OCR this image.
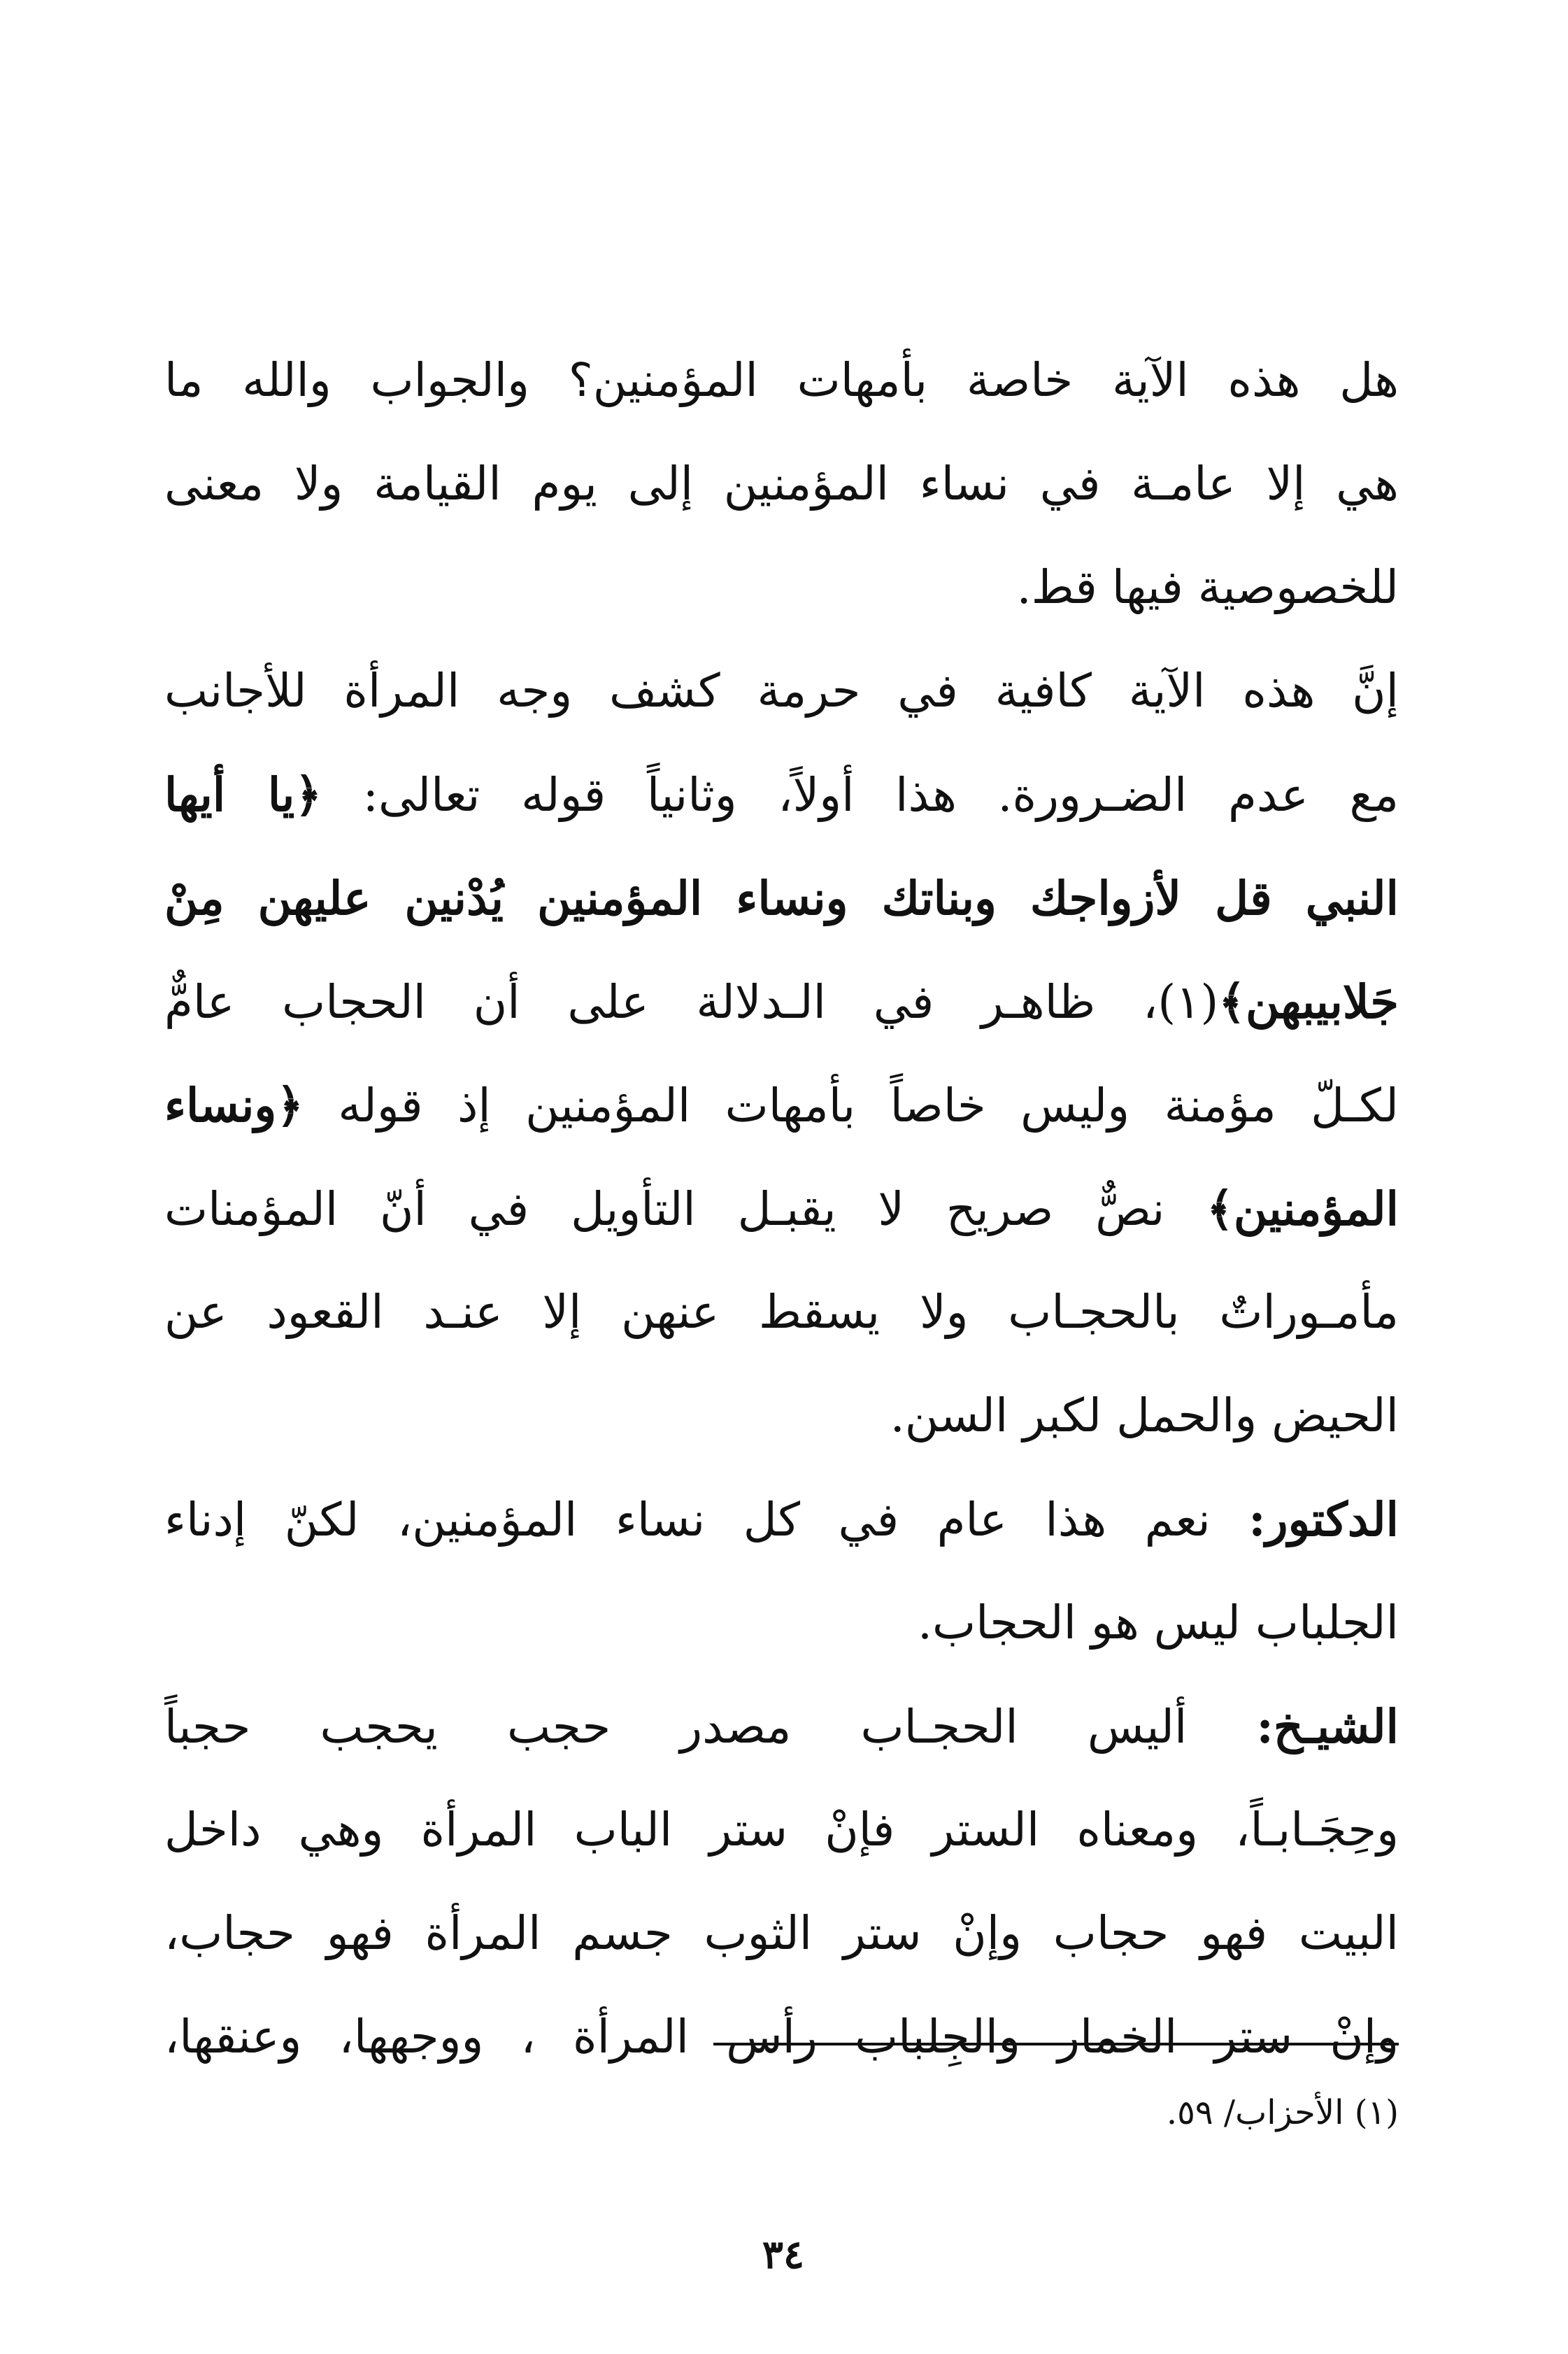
هل هذه الآية خاصة بأمهات المؤمنين؟ والجواب والله ما
هي إلا عامـة في نساء المؤمنين إلى يوم القيامة ولا معنى
للخصوصية فيها قط.
إنَّ هذه الآية كافية في حرمة كشف وجه المرأة للأجانب
مع عدم الضـرورة. هذا أولاً، وثانياً قوله تعالى: ﴿يا أيها
النبي قل لأزواجك وبناتك ونساء المؤمنين يُدْنين عليهن مِنْ
جَلابيبهن﴾(١)، ظاهـر في الـدلالة على أن الحجاب عامٌّ
لكـلّ مؤمنة وليس خاصاً بأمهات المؤمنين إذ قوله ﴿ونساء
المؤمنين﴾ نصٌّ صريح لا يقبـل التأويل في أنّ المؤمنات
مأمـوراتٌ بالحجـاب ولا يسقط عنهن إلا عنـد القعود عن
الحيض والحمل لكبر السن.
الدكتور: نعم هذا عام في كل نساء المؤمنين، لكنّ إدناء
الجلباب ليس هو الحجاب.
الشيـخ: أليس الحجـاب مصدر حجب يحجب حجباً
وحِجَـابـاً، ومعناه الستر فإنْ ستر الباب المرأة وهي داخل
البيت فهو حجاب وإنْ ستر الثوب جسم المرأة فهو حجاب،
وإنْ ستر الخمار والجِلباب رأس المرأة ، ووجهها، وعنقها،
(١) الأحزاب/ ٥٩.
٣٤
